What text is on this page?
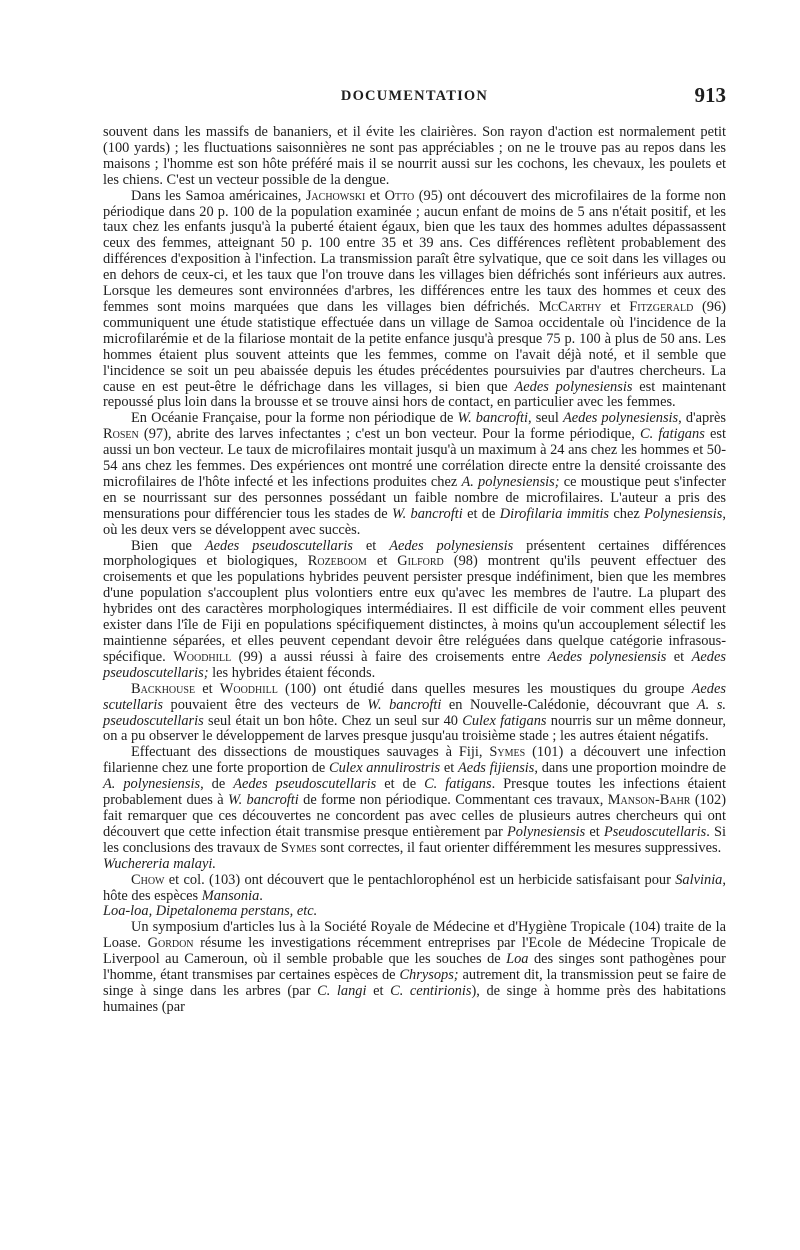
DOCUMENTATION	913

souvent dans les massifs de bananiers, et il évite les clairières. Son rayon d'action est normalement petit (100 yards) ; les fluctuations saisonnières ne sont pas appréciables ; on ne le trouve pas au repos dans les maisons ; l'homme est son hôte préféré mais il se nourrit aussi sur les cochons, les chevaux, les poulets et les chiens. C'est un vecteur possible de la dengue.

Dans les Samoa américaines, Jachowski et Otto (95) ont découvert des microfilaires de la forme non périodique dans 20 p. 100 de la population examinée ; aucun enfant de moins de 5 ans n'était positif, et les taux chez les enfants jusqu'à la puberté étaient égaux, bien que les taux des hommes adultes dépassassent ceux des femmes, atteignant 50 p. 100 entre 35 et 39 ans. Ces différences reflètent probablement des différences d'exposition à l'infection. La transmission paraît être sylvatique, que ce soit dans les villages ou en dehors de ceux-ci, et les taux que l'on trouve dans les villages bien défrichés sont inférieurs aux autres. Lorsque les demeures sont environnées d'arbres, les différences entre les taux des hommes et ceux des femmes sont moins marquées que dans les villages bien défrichés. McCarthy et Fitzgerald (96) communiquent une étude statistique effectuée dans un village de Samoa occidentale où l'incidence de la microfilarémie et de la filariose montait de la petite enfance jusqu'à presque 75 p. 100 à plus de 50 ans. Les hommes étaient plus souvent atteints que les femmes, comme on l'avait déjà noté, et il semble que l'incidence se soit un peu abaissée depuis les études précédentes poursuivies par d'autres chercheurs. La cause en est peut-être le défrichage dans les villages, si bien que Aedes polynesiensis est maintenant repoussé plus loin dans la brousse et se trouve ainsi hors de contact, en particulier avec les femmes.

En Océanie Française, pour la forme non périodique de W. bancrofti, seul Aedes polynesiensis, d'après Rosen (97), abrite des larves infectantes ; c'est un bon vecteur. Pour la forme périodique, C. fatigans est aussi un bon vecteur. Le taux de microfilaires montait jusqu'à un maximum à 24 ans chez les hommes et 50-54 ans chez les femmes. Des expériences ont montré une corrélation directe entre la densité croissante des microfilaires de l'hôte infecté et les infections produites chez A. polynesiensis; ce moustique peut s'infecter en se nourrissant sur des personnes possédant un faible nombre de microfilaires. L'auteur a pris des mensurations pour différencier tous les stades de W. bancrofti et de Dirofilaria immitis chez Polynesiensis, où les deux vers se développent avec succès.

Bien que Aedes pseudoscutellaris et Aedes polynesiensis présentent certaines différences morphologiques et biologiques, Rozeboom et Gilford (98) montrent qu'ils peuvent effectuer des croisements et que les populations hybrides peuvent persister presque indéfiniment, bien que les membres d'une population s'accouplent plus volontiers entre eux qu'avec les membres de l'autre. La plupart des hybrides ont des caractères morphologiques intermédiaires. Il est difficile de voir comment elles peuvent exister dans l'île de Fiji en populations spécifiquement distinctes, à moins qu'un accouplement sélectif les maintienne séparées, et elles peuvent cependant devoir être reléguées dans quelque catégorie infrasous-spécifique. Woodhill (99) a aussi réussi à faire des croisements entre Aedes polynesiensis et Aedes pseudoscutellaris; les hybrides étaient féconds.

Backhouse et Woodhill (100) ont étudié dans quelles mesures les moustiques du groupe Aedes scutellaris pouvaient être des vecteurs de W. bancrofti en Nouvelle-Calédonie, découvrant que A. s. pseudoscutellaris seul était un bon hôte. Chez un seul sur 40 Culex fatigans nourris sur un même donneur, on a pu observer le développement de larves presque jusqu'au troisième stade ; les autres étaient négatifs.

Effectuant des dissections de moustiques sauvages à Fiji, Symes (101) a découvert une infection filarienne chez une forte proportion de Culex annulirostris et Aeds fijiensis, dans une proportion moindre de A. polynesiensis, de Aedes pseudoscutellaris et de C. fatigans. Presque toutes les infections étaient probablement dues à W. bancrofti de forme non périodique. Commentant ces travaux, Manson-Bahr (102) fait remarquer que ces découvertes ne concordent pas avec celles de plusieurs autres chercheurs qui ont découvert que cette infection était transmise presque entièrement par Polynesiensis et Pseudoscutellaris. Si les conclusions des travaux de Symes sont correctes, il faut orienter différemment les mesures suppressives.

Wuchereria malayi.

Chow et col. (103) ont découvert que le pentachlorophénol est un herbicide satisfaisant pour Salvinia, hôte des espèces Mansonia.

Loa-loa, Dipetalonema perstans, etc.

Un symposium d'articles lus à la Société Royale de Médecine et d'Hygiène Tropicale (104) traite de la Loase. Gordon résume les investigations récemment entreprises par l'Ecole de Médecine Tropicale de Liverpool au Cameroun, où il semble probable que les souches de Loa des singes sont pathogènes pour l'homme, étant transmises par certaines espèces de Chrysops; autrement dit, la transmission peut se faire de singe à singe dans les arbres (par C. langi et C. centirionis), de singe à homme près des habitations humaines (par
